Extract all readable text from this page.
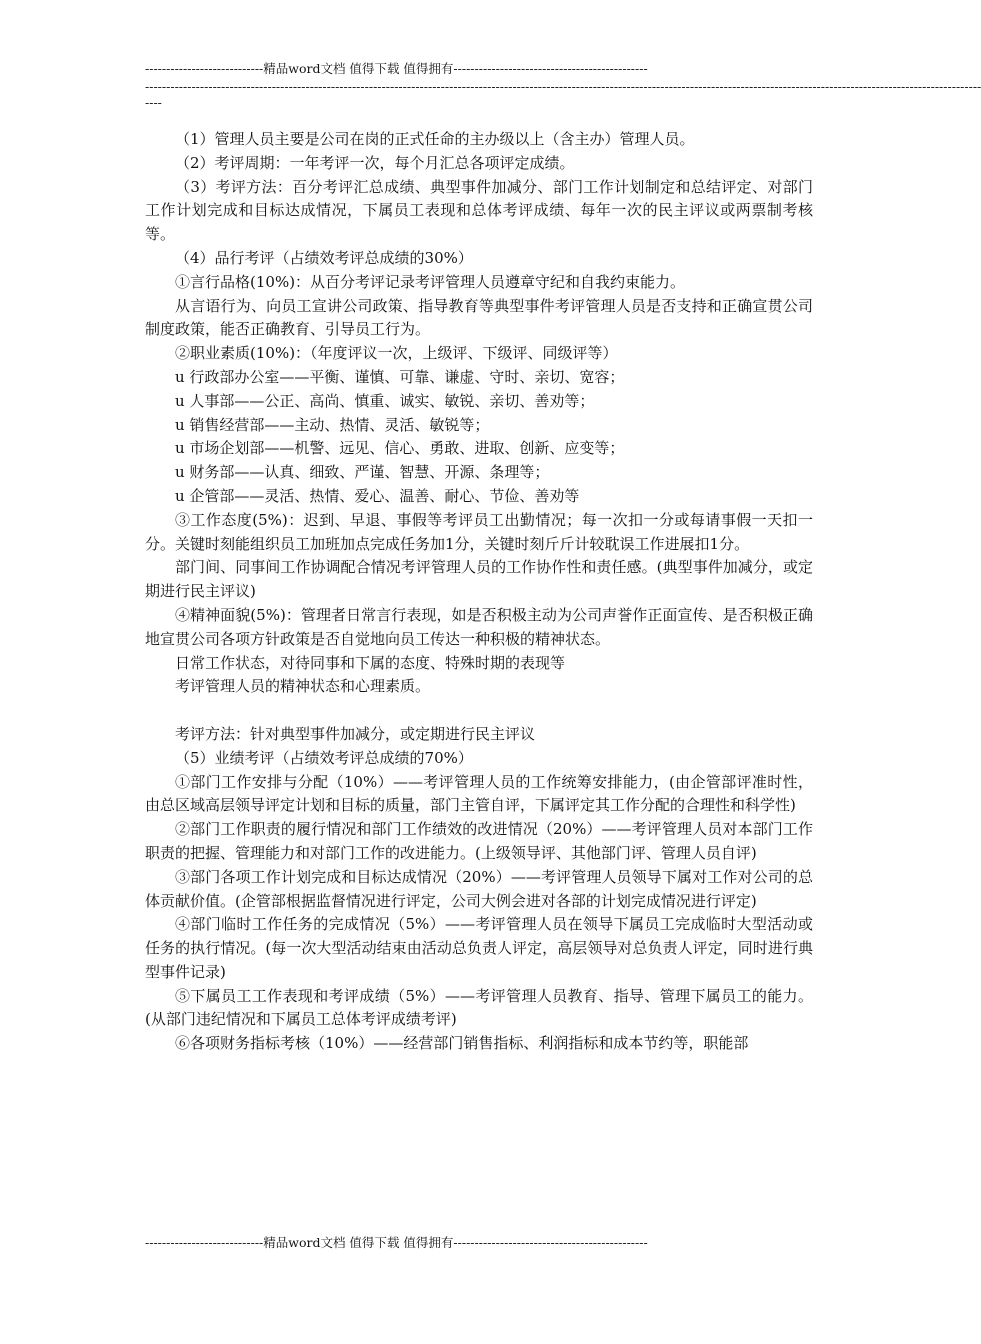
----------------------------精品word文档 值得下载 值得拥有----------------------------------------------
------------------------------------------------------------------------------------------------------------------------------------------------------------------------------------------------------
----

（1）管理人员主要是公司在岗的正式任命的主办级以上（含主办）管理人员。

（2）考评周期：一年考评一次，每个月汇总各项评定成绩。

（3）考评方法：百分考评汇总成绩、典型事件加减分、部门工作计划制定和总结评定、对部门工作计划完成和目标达成情况，下属员工表现和总体考评成绩、每年一次的民主评议或两票制考核等。

（4）品行考评（占绩效考评总成绩的30%）

①言行品格(10%)：从百分考评记录考评管理人员遵章守纪和自我约束能力。

从言语行为、向员工宣讲公司政策、指导教育等典型事件考评管理人员是否支持和正确宣贯公司制度政策，能否正确教育、引导员工行为。

②职业素质(10%)：（年度评议一次，上级评、下级评、同级评等）

u 行政部办公室——平衡、谨慎、可靠、谦虚、守时、亲切、宽容；

u 人事部——公正、高尚、慎重、诚实、敏锐、亲切、善劝等；

u 销售经营部——主动、热情、灵活、敏锐等；

u 市场企划部——机警、远见、信心、勇敢、进取、创新、应变等；

u 财务部——认真、细致、严谨、智慧、开源、条理等；

u 企管部——灵活、热情、爱心、温善、耐心、节俭、善劝等

③工作态度(5%)：迟到、早退、事假等考评员工出勤情况；每一次扣一分或每请事假一天扣一分。关键时刻能组织员工加班加点完成任务加1分，关键时刻斤斤计较耽误工作进展扣1分。

部门间、同事间工作协调配合情况考评管理人员的工作协作性和责任感。(典型事件加减分，或定期进行民主评议)

④精神面貌(5%)：管理者日常言行表现，如是否积极主动为公司声誉作正面宣传、是否积极正确地宣贯公司各项方针政策是否自觉地向员工传达一种积极的精神状态。

日常工作状态，对待同事和下属的态度、特殊时期的表现等

考评管理人员的精神状态和心理素质。

考评方法：针对典型事件加减分，或定期进行民主评议

（5）业绩考评（占绩效考评总成绩的70%）

①部门工作安排与分配（10%）——考评管理人员的工作统筹安排能力，(由企管部评准时性，由总区域高层领导评定计划和目标的质量，部门主管自评，下属评定其工作分配的合理性和科学性)

②部门工作职责的履行情况和部门工作绩效的改进情况（20%）——考评管理人员对本部门工作职责的把握、管理能力和对部门工作的改进能力。(上级领导评、其他部门评、管理人员自评)

③部门各项工作计划完成和目标达成情况（20%）——考评管理人员领导下属对工作对公司的总体贡献价值。(企管部根据监督情况进行评定，公司大例会进对各部的计划完成情况进行评定)

④部门临时工作任务的完成情况（5%）——考评管理人员在领导下属员工完成临时大型活动或任务的执行情况。(每一次大型活动结束由活动总负责人评定，高层领导对总负责人评定，同时进行典型事件记录)

⑤下属员工工作表现和考评成绩（5%）——考评管理人员教育、指导、管理下属员工的能力。(从部门违纪情况和下属员工总体考评成绩考评)

⑥各项财务指标考核（10%）——经营部门销售指标、利润指标和成本节约等，职能部

----------------------------精品word文档 值得下载 值得拥有----------------------------------------------
